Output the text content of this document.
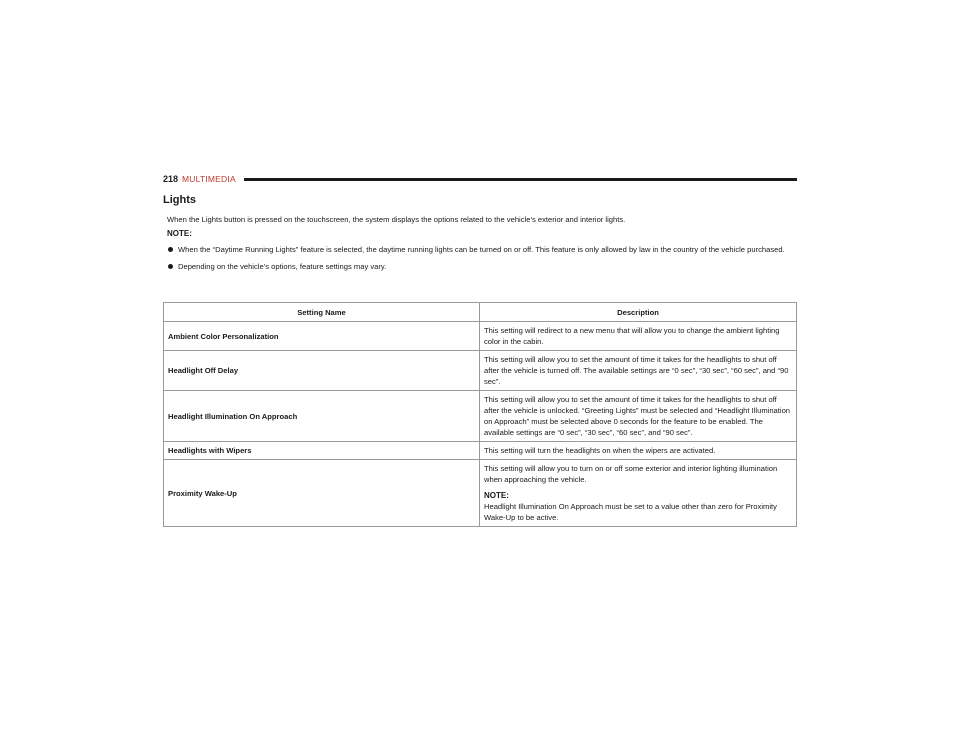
218 MULTIMEDIA
Lights
When the Lights button is pressed on the touchscreen, the system displays the options related to the vehicle’s exterior and interior lights.
NOTE:
When the “Daytime Running Lights” feature is selected, the daytime running lights can be turned on or off. This feature is only allowed by law in the country of the vehicle purchased.
Depending on the vehicle’s options, feature settings may vary.
Setting Name	Description
Ambient Color Personalization	This setting will redirect to a new menu that will allow you to change the ambient lighting color in the cabin.
Headlight Off Delay	This setting will allow you to set the amount of time it takes for the headlights to shut off after the vehicle is turned off. The available settings are “0 sec”, “30 sec”, “60 sec”, and “90 sec”.
Headlight Illumination On Approach	This setting will allow you to set the amount of time it takes for the headlights to shut off after the vehicle is unlocked. “Greeting Lights” must be selected and “Headlight Illumination on Approach” must be selected above 0 seconds for the feature to be enabled. The available settings are “0 sec”, “30 sec”, “60 sec”, and “90 sec”.
Headlights with Wipers	This setting will turn the headlights on when the wipers are activated.
Proximity Wake-Up	This setting will allow you to turn on or off some exterior and interior lighting illumination when approaching the vehicle.
NOTE:
Headlight Illumination On Approach must be set to a value other than zero for Proximity Wake-Up to be active.
